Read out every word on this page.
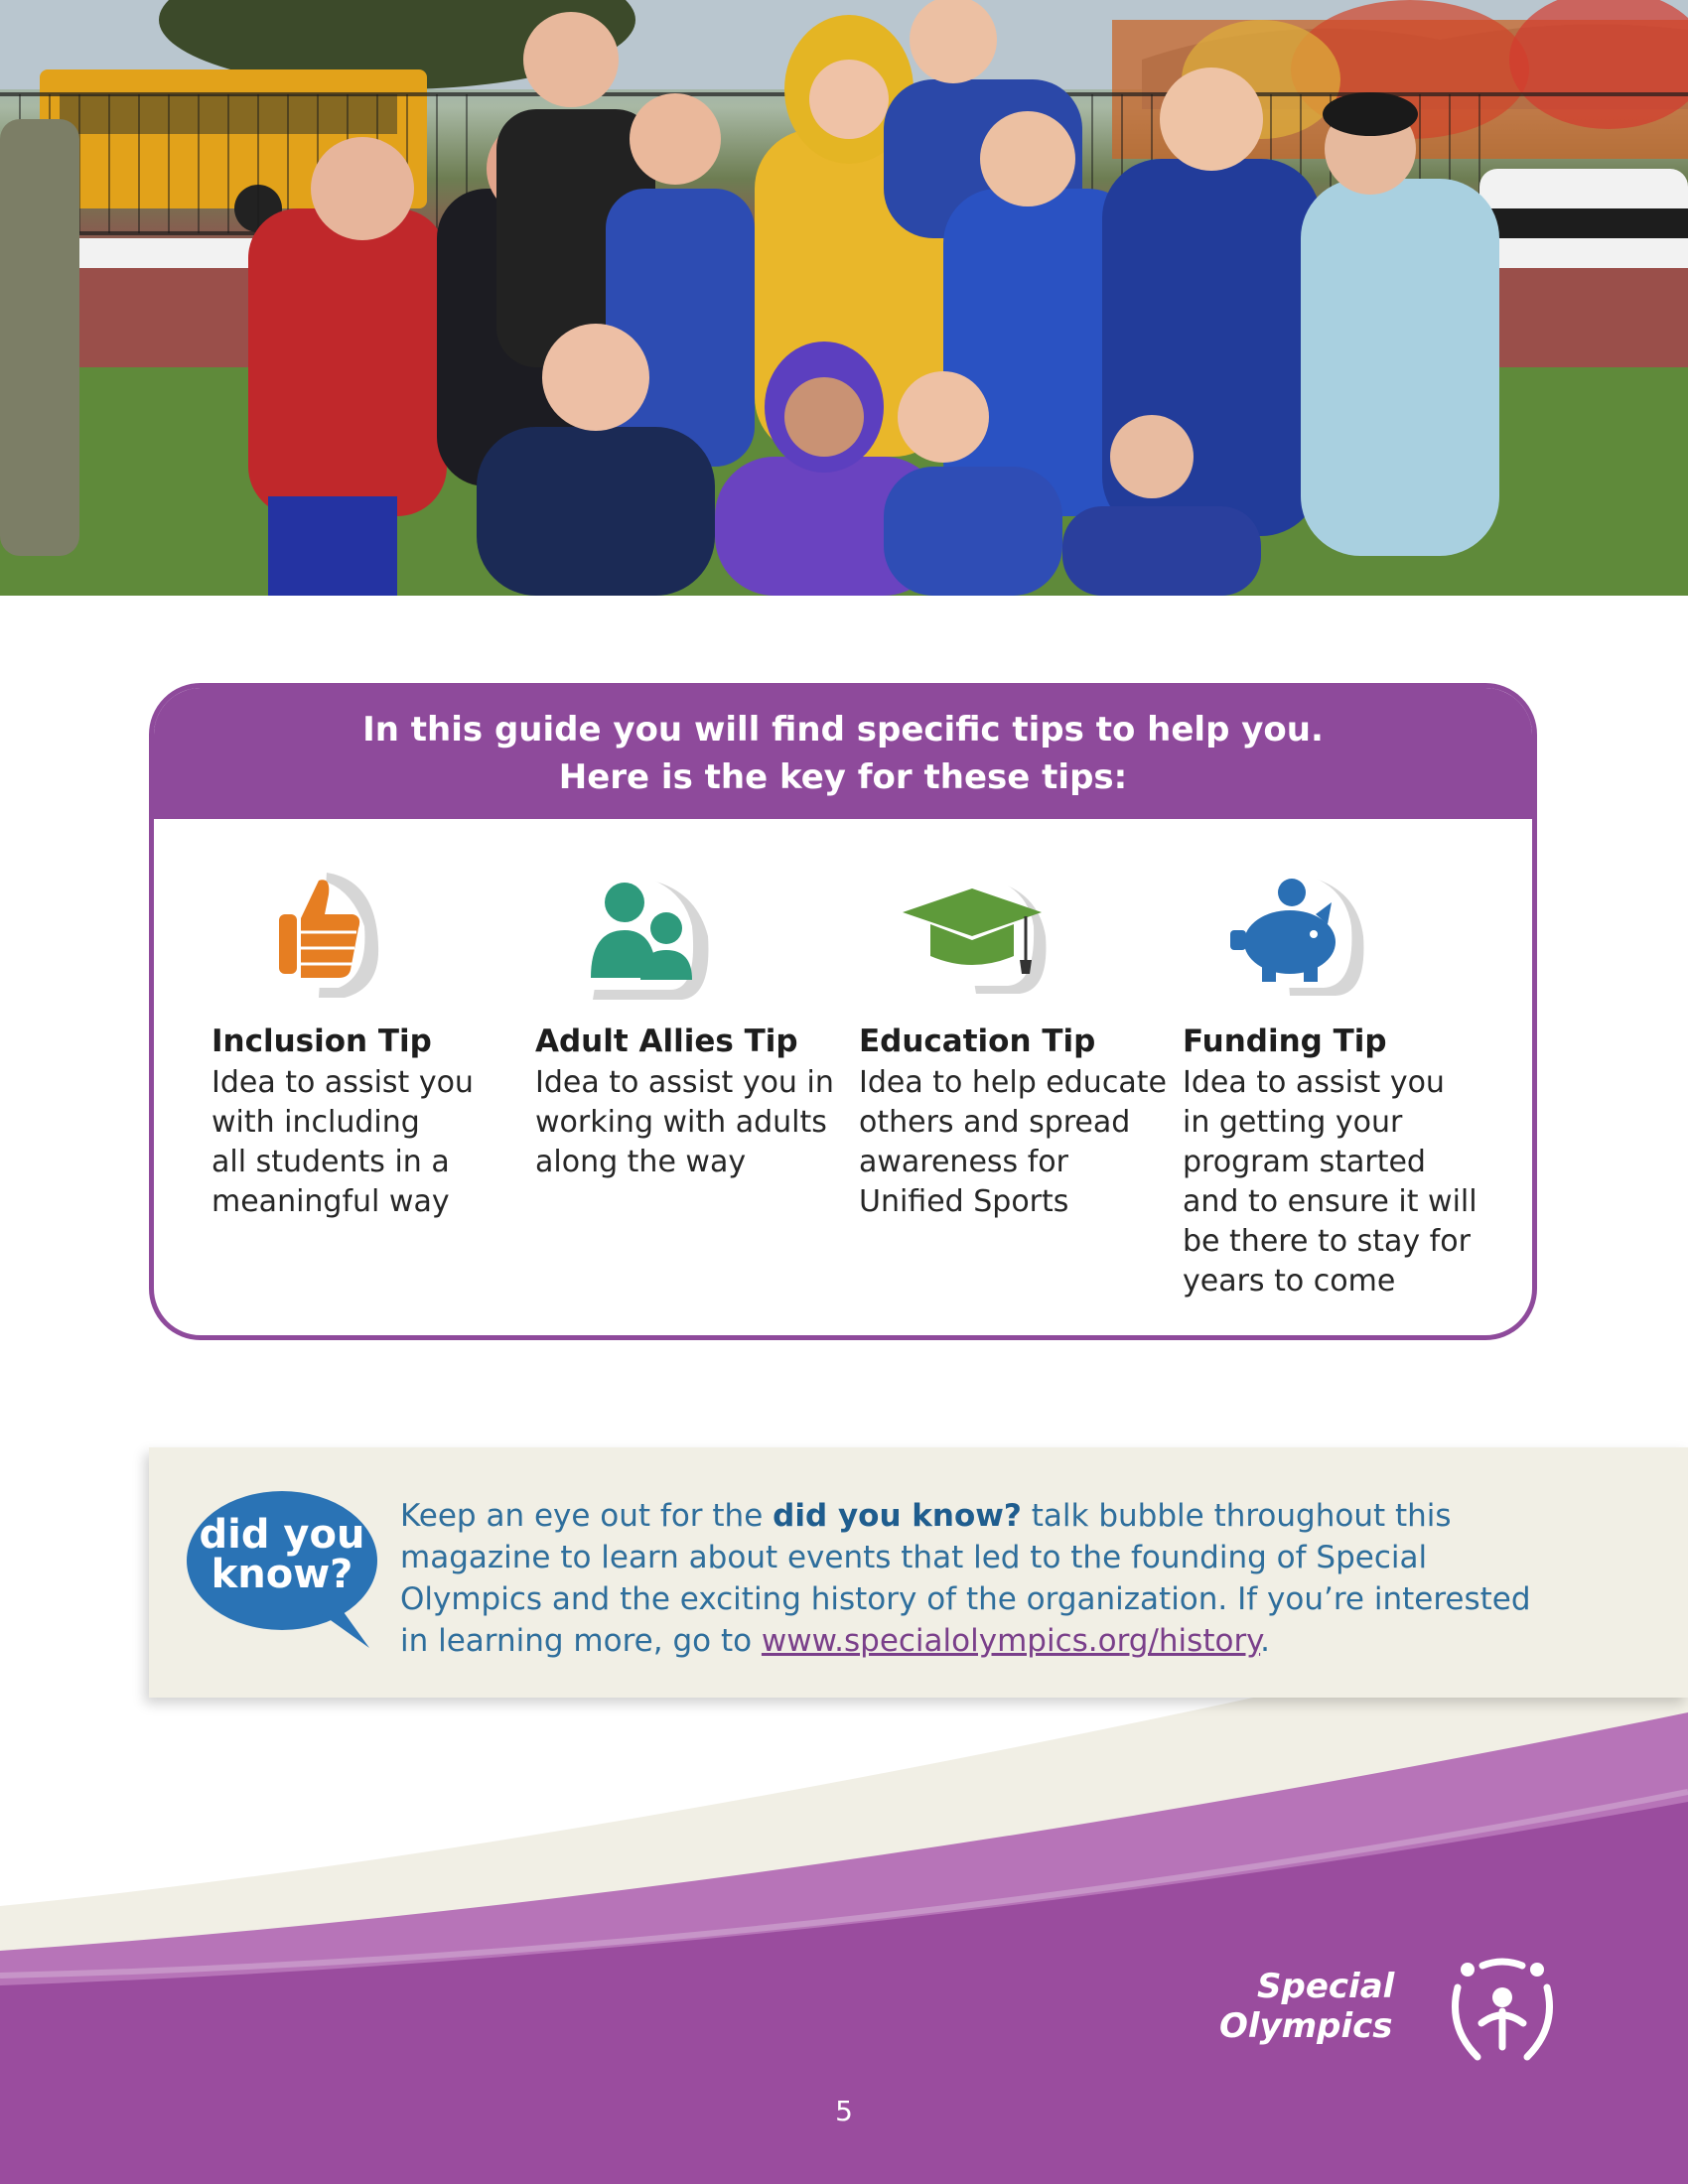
In this guide you will find specific tips to help you.
Here is the key for these tips:
Inclusion Tip
Idea to assist you
with including
all students in a
meaningful way
Adult Allies Tip
Idea to assist you in
working with adults
along the way
Education Tip
Idea to help educate
others and spread
awareness for
Unified Sports
Funding Tip
Idea to assist you
in getting your
program started
and to ensure it will
be there to stay for
years to come
did you
know?
Keep an eye out for the did you know? talk bubble throughout this magazine to learn about events that led to the founding of Special Olympics and the exciting history of the organization. If you’re interested in learning more, go to www.specialolympics.org/history.
Special
Olympics
5
